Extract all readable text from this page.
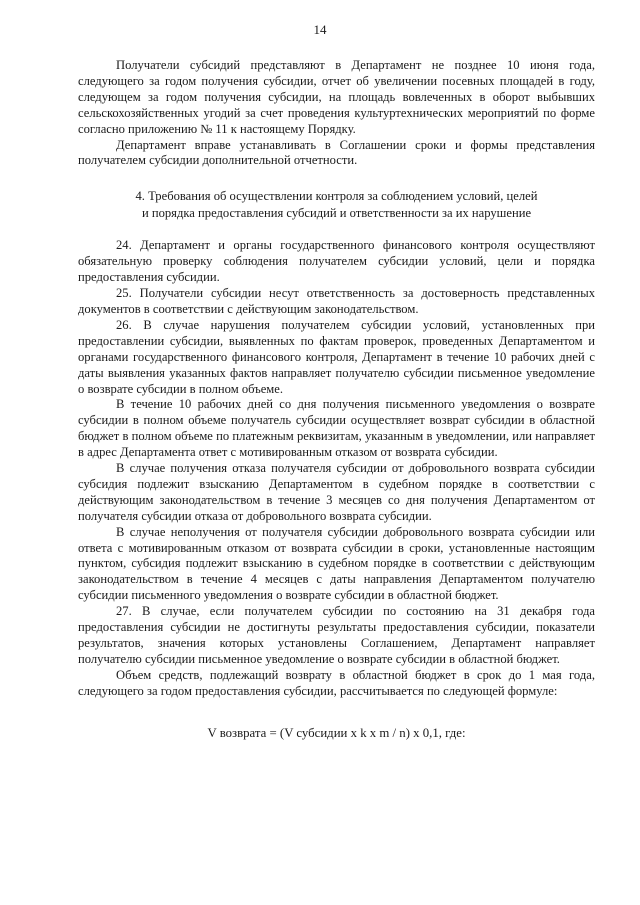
14

Получатели субсидий представляют в Департамент не позднее 10 июня года, следующего за годом получения субсидии, отчет об увеличении посевных площадей в году, следующем за годом получения субсидии, на площадь вовлеченных в оборот выбывших сельскохозяйственных угодий за счет проведения культуртехнических мероприятий по форме согласно приложению № 11 к настоящему Порядку.

Департамент вправе устанавливать в Соглашении сроки и формы представления получателем субсидии дополнительной отчетности.

4. Требования об осуществлении контроля за соблюдением условий, целей
и порядка предоставления субсидий и ответственности за их нарушение

24. Департамент и органы государственного финансового контроля осуществляют обязательную проверку соблюдения получателем субсидии условий, цели и порядка предоставления субсидии.

25. Получатели субсидии несут ответственность за достоверность представленных документов в соответствии с действующим законодательством.

26. В случае нарушения получателем субсидии условий, установленных при предоставлении субсидии, выявленных по фактам проверок, проведенных Департаментом и органами государственного финансового контроля, Департамент в течение 10 рабочих дней с даты выявления указанных фактов направляет получателю субсидии письменное уведомление о возврате субсидии в полном объеме.

В течение 10 рабочих дней со дня получения письменного уведомления о возврате субсидии в полном объеме получатель субсидии осуществляет возврат субсидии в областной бюджет в полном объеме по платежным реквизитам, указанным в уведомлении, или направляет в адрес Департамента ответ с мотивированным отказом от возврата субсидии.

В случае получения отказа получателя субсидии от добровольного возврата субсидии субсидия подлежит взысканию Департаментом в судебном порядке в соответствии с действующим законодательством в течение 3 месяцев со дня получения Департаментом от получателя субсидии отказа от добровольного возврата субсидии.

В случае неполучения от получателя субсидии добровольного возврата субсидии или ответа с мотивированным отказом от возврата субсидии в сроки, установленные настоящим пунктом, субсидия подлежит взысканию в судебном порядке в соответствии с действующим законодательством в течение 4 месяцев с даты направления Департаментом получателю субсидии письменного уведомления о возврате субсидии в областной бюджет.

27. В случае, если получателем субсидии по состоянию на 31 декабря года предоставления субсидии не достигнуты результаты предоставления субсидии, показатели результатов, значения которых установлены Соглашением, Департамент направляет получателю субсидии письменное уведомление о возврате субсидии в областной бюджет.

Объем средств, подлежащий возврату в областной бюджет в срок до 1 мая года, следующего за годом предоставления субсидии, рассчитывается по следующей формуле:

V возврата = (V субсидии x k x m / n) x 0,1, где:
